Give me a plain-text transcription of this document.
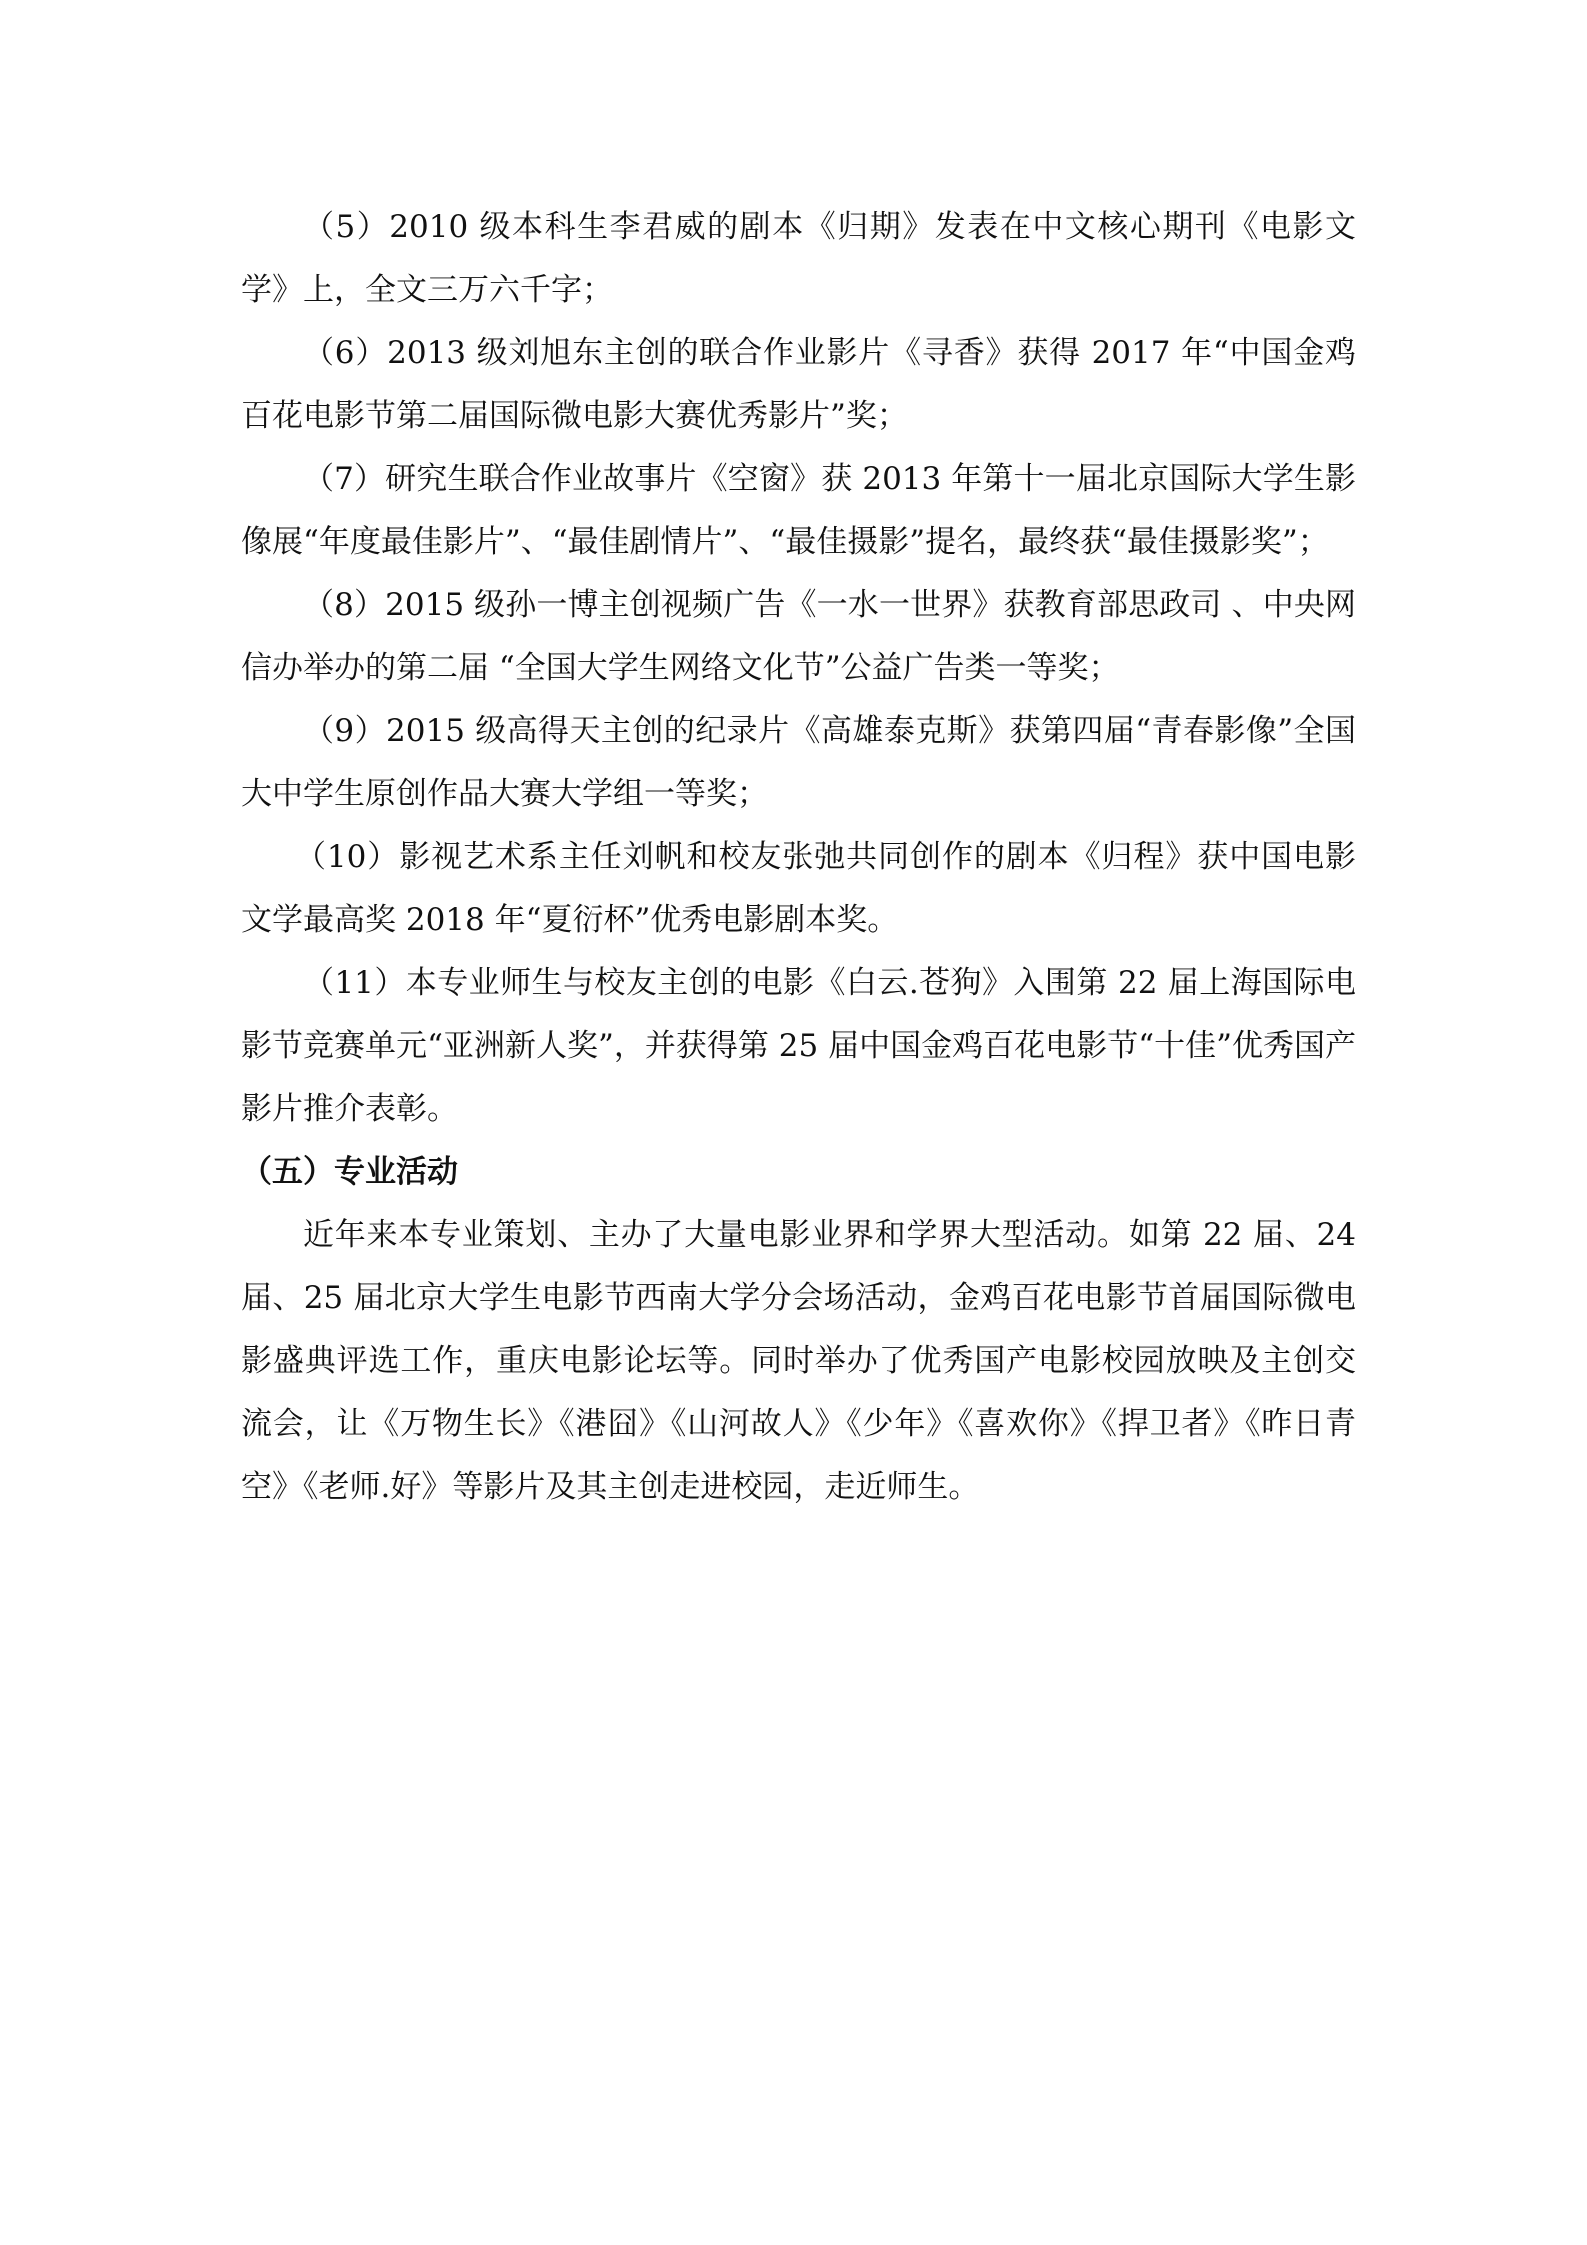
（5）2010 级本科生李君威的剧本《归期》发表在中文核心期刊《电影文学》上，全文三万六千字；

（6）2013 级刘旭东主创的联合作业影片《寻香》获得 2017 年“中国金鸡百花电影节第二届国际微电影大赛优秀影片”奖；

（7）研究生联合作业故事片《空窗》获 2013 年第十一届北京国际大学生影像展“年度最佳影片”、“最佳剧情片”、“最佳摄影”提名，最终获“最佳摄影奖”；

（8）2015 级孙一博主创视频广告《一水一世界》获教育部思政司 、中央网信办举办的第二届 “全国大学生网络文化节”公益广告类一等奖；

（9）2015 级高得天主创的纪录片《高雄泰克斯》获第四届“青春影像”全国大中学生原创作品大赛大学组一等奖；

（10）影视艺术系主任刘帆和校友张弛共同创作的剧本《归程》获中国电影文学最高奖 2018 年“夏衍杯”优秀电影剧本奖。

（11）本专业师生与校友主创的电影《白云.苍狗》入围第 22 届上海国际电影节竞赛单元“亚洲新人奖”，并获得第 25 届中国金鸡百花电影节“十佳”优秀国产影片推介表彰。

（五）专业活动

近年来本专业策划、主办了大量电影业界和学界大型活动。如第 22 届、24 届、25 届北京大学生电影节西南大学分会场活动，金鸡百花电影节首届国际微电影盛典评选工作，重庆电影论坛等。同时举办了优秀国产电影校园放映及主创交流会，让《万物生长》《港囧》《山河故人》《少年》《喜欢你》《捍卫者》《昨日青空》《老师.好》等影片及其主创走进校园，走近师生。
